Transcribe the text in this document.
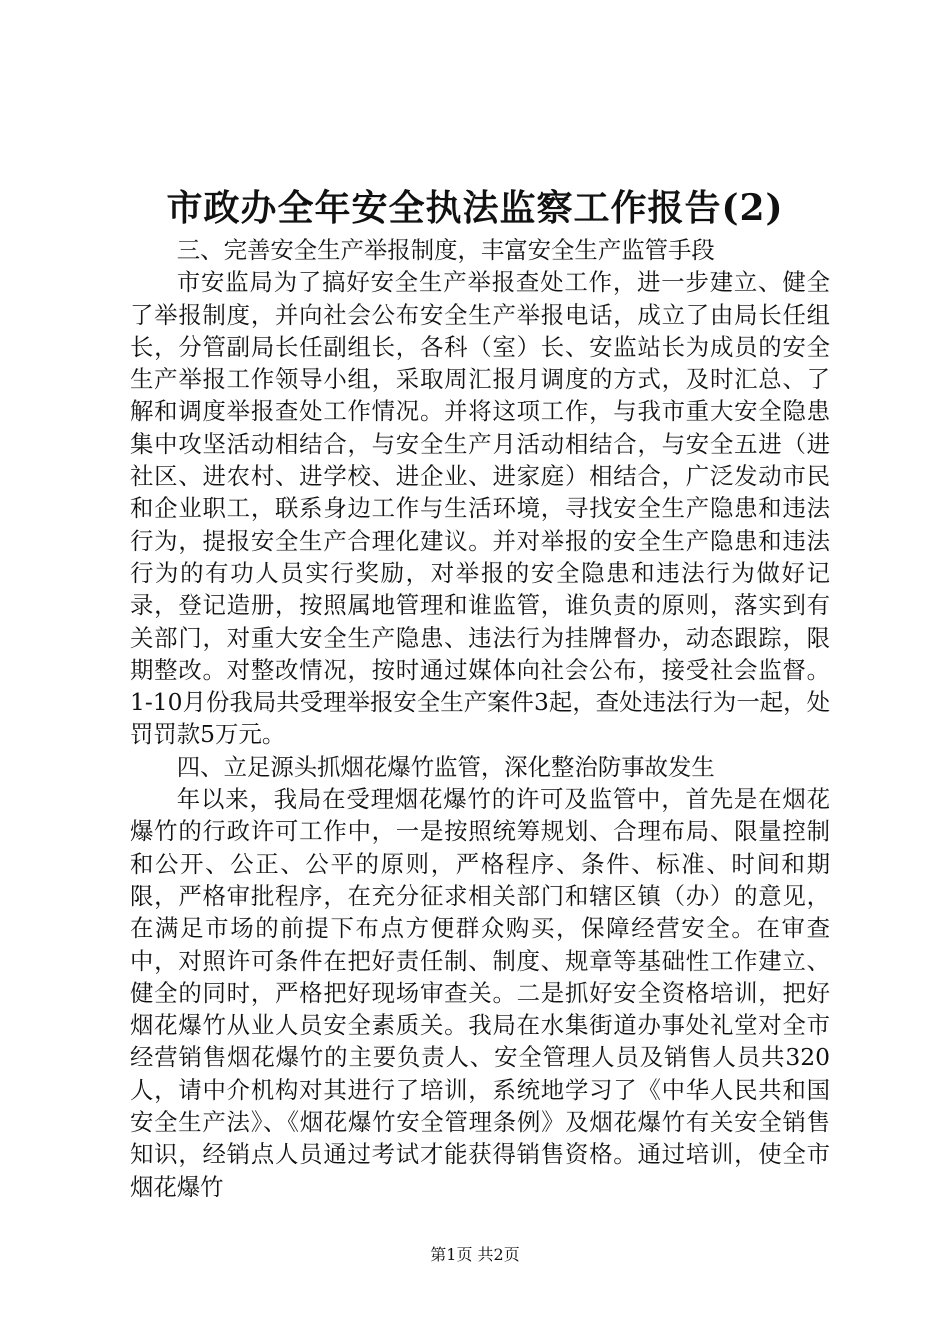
市政办全年安全执法监察工作报告(2)

三、完善安全生产举报制度，丰富安全生产监管手段

市安监局为了搞好安全生产举报查处工作，进一步建立、健全了举报制度，并向社会公布安全生产举报电话，成立了由局长任组长，分管副局长任副组长，各科（室）长、安监站长为成员的安全生产举报工作领导小组，采取周汇报月调度的方式，及时汇总、了解和调度举报查处工作情况。并将这项工作，与我市重大安全隐患集中攻坚活动相结合，与安全生产月活动相结合，与安全五进（进社区、进农村、进学校、进企业、进家庭）相结合，广泛发动市民和企业职工，联系身边工作与生活环境，寻找安全生产隐患和违法行为，提报安全生产合理化建议。并对举报的安全生产隐患和违法行为的有功人员实行奖励，对举报的安全隐患和违法行为做好记录，登记造册，按照属地管理和谁监管，谁负责的原则，落实到有关部门，对重大安全生产隐患、违法行为挂牌督办，动态跟踪，限期整改。对整改情况，按时通过媒体向社会公布，接受社会监督。1-10月份我局共受理举报安全生产案件3起，查处违法行为一起，处罚罚款5万元。

四、立足源头抓烟花爆竹监管，深化整治防事故发生

年以来，我局在受理烟花爆竹的许可及监管中，首先是在烟花爆竹的行政许可工作中，一是按照统筹规划、合理布局、限量控制和公开、公正、公平的原则，严格程序、条件、标准、时间和期限，严格审批程序，在充分征求相关部门和辖区镇（办）的意见，在满足市场的前提下布点方便群众购买，保障经营安全。在审查中，对照许可条件在把好责任制、制度、规章等基础性工作建立、健全的同时，严格把好现场审查关。二是抓好安全资格培训，把好烟花爆竹从业人员安全素质关。我局在水集街道办事处礼堂对全市经营销售烟花爆竹的主要负责人、安全管理人员及销售人员共320人，请中介机构对其进行了培训，系统地学习了《中华人民共和国安全生产法》、《烟花爆竹安全管理条例》及烟花爆竹有关安全销售知识，经销点人员通过考试才能获得销售资格。通过培训，使全市烟花爆竹

第1页 共2页
